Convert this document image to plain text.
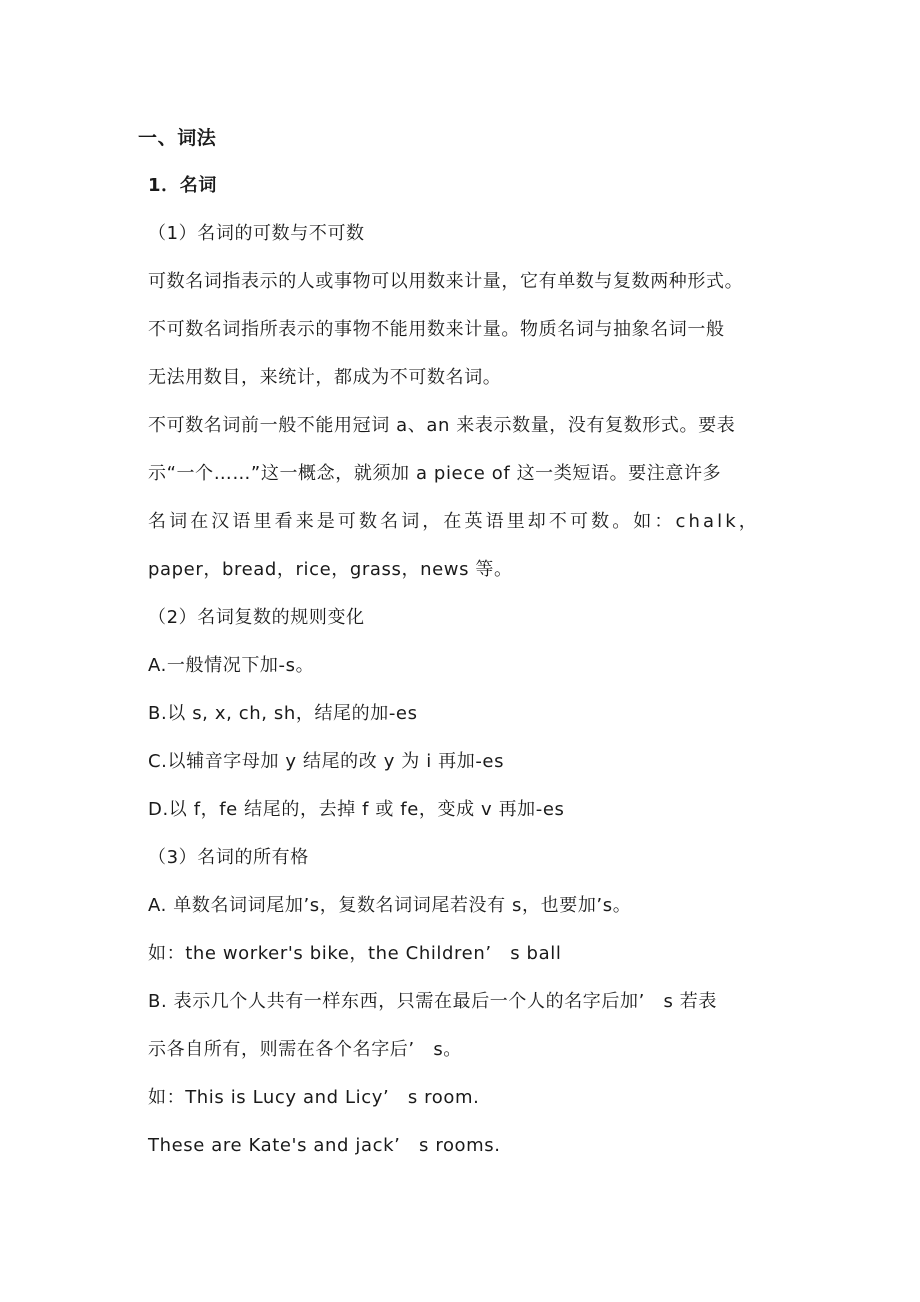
一、词法
1．名词
（1）名词的可数与不可数
可数名词指表示的人或事物可以用数来计量，它有单数与复数两种形式。
不可数名词指所表示的事物不能用数来计量。物质名词与抽象名词一般
无法用数目，来统计，都成为不可数名词。
不可数名词前一般不能用冠词 a、an 来表示数量，没有复数形式。要表
示“一个……”这一概念，就须加 a piece of 这一类短语。要注意许多
名词在汉语里看来是可数名词，在英语里却不可数。如：chalk，
paper，bread，rice，grass，news 等。
（2）名词复数的规则变化
A.一般情况下加-s。
B.以 s, x, ch, sh，结尾的加-es
C.以辅音字母加 y 结尾的改 y 为 i 再加-es
D.以 f，fe 结尾的，去掉 f 或 fe，变成 v 再加-es
（3）名词的所有格
A. 单数名词词尾加’s，复数名词词尾若没有 s，也要加’s。
如：the worker's bike，the Children’　s ball
B. 表示几个人共有一样东西，只需在最后一个人的名字后加’　s 若表
示各自所有，则需在各个名字后’　s。
如：This is Lucy and Licy’　s room.
These are Kate's and jack’　s rooms.
